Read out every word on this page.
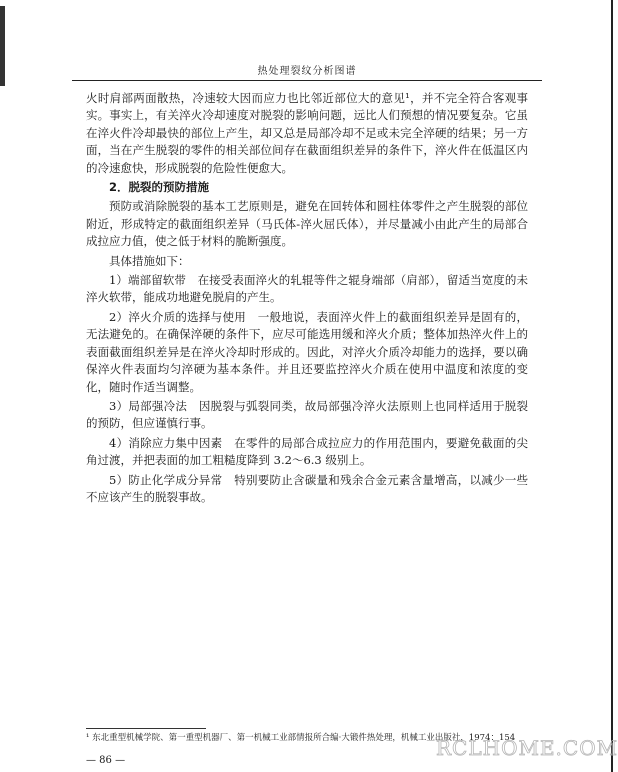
热处理裂纹分析图谱

火时肩部两面散热，冷速较大因而应力也比邻近部位大的意见¹，并不完全符合客观事实。事实上，有关淬火冷却速度对脱裂的影响问题，远比人们预想的情况要复杂。它虽在淬火件冷却最快的部位上产生，却又总是局部冷却不足或未完全淬硬的结果；另一方面，当在产生脱裂的零件的相关部位间存在截面组织差异的条件下，淬火件在低温区内的冷速愈快，形成脱裂的危险性便愈大。

2．脱裂的预防措施

预防或消除脱裂的基本工艺原则是，避免在回转体和圆柱体零件之产生脱裂的部位附近，形成特定的截面组织差异（马氏体-淬火屈氏体），并尽量减小由此产生的局部合成拉应力值，使之低于材料的脆断强度。

具体措施如下：

1）端部留软带　在接受表面淬火的轧辊等件之辊身端部（肩部），留适当宽度的未淬火软带，能成功地避免脱肩的产生。

2）淬火介质的选择与使用　一般地说，表面淬火件上的截面组织差异是固有的，无法避免的。在确保淬硬的条件下，应尽可能选用缓和淬火介质；整体加热淬火件上的表面截面组织差异是在淬火冷却时形成的。因此，对淬火介质冷却能力的选择，要以确保淬火件表面均匀淬硬为基本条件。并且还要监控淬火介质在使用中温度和浓度的变化，随时作适当调整。

3）局部强冷法　因脱裂与弧裂同类，故局部强冷淬火法原则上也同样适用于脱裂的预防，但应谨慎行事。

4）消除应力集中因素　在零件的局部合成拉应力的作用范围内，要避免截面的尖角过渡，并把表面的加工粗糙度降到 3.2～6.3 级别上。

5）防止化学成分异常　特别要防止含碳量和残余合金元素含量增高，以减少一些不应该产生的脱裂事故。

¹ 东北重型机械学院、第一重型机器厂、第一机械工业部情报所合编·大锻件热处理，机械工业出版社，1974：154
— 86 —
RCLHOME.COM
